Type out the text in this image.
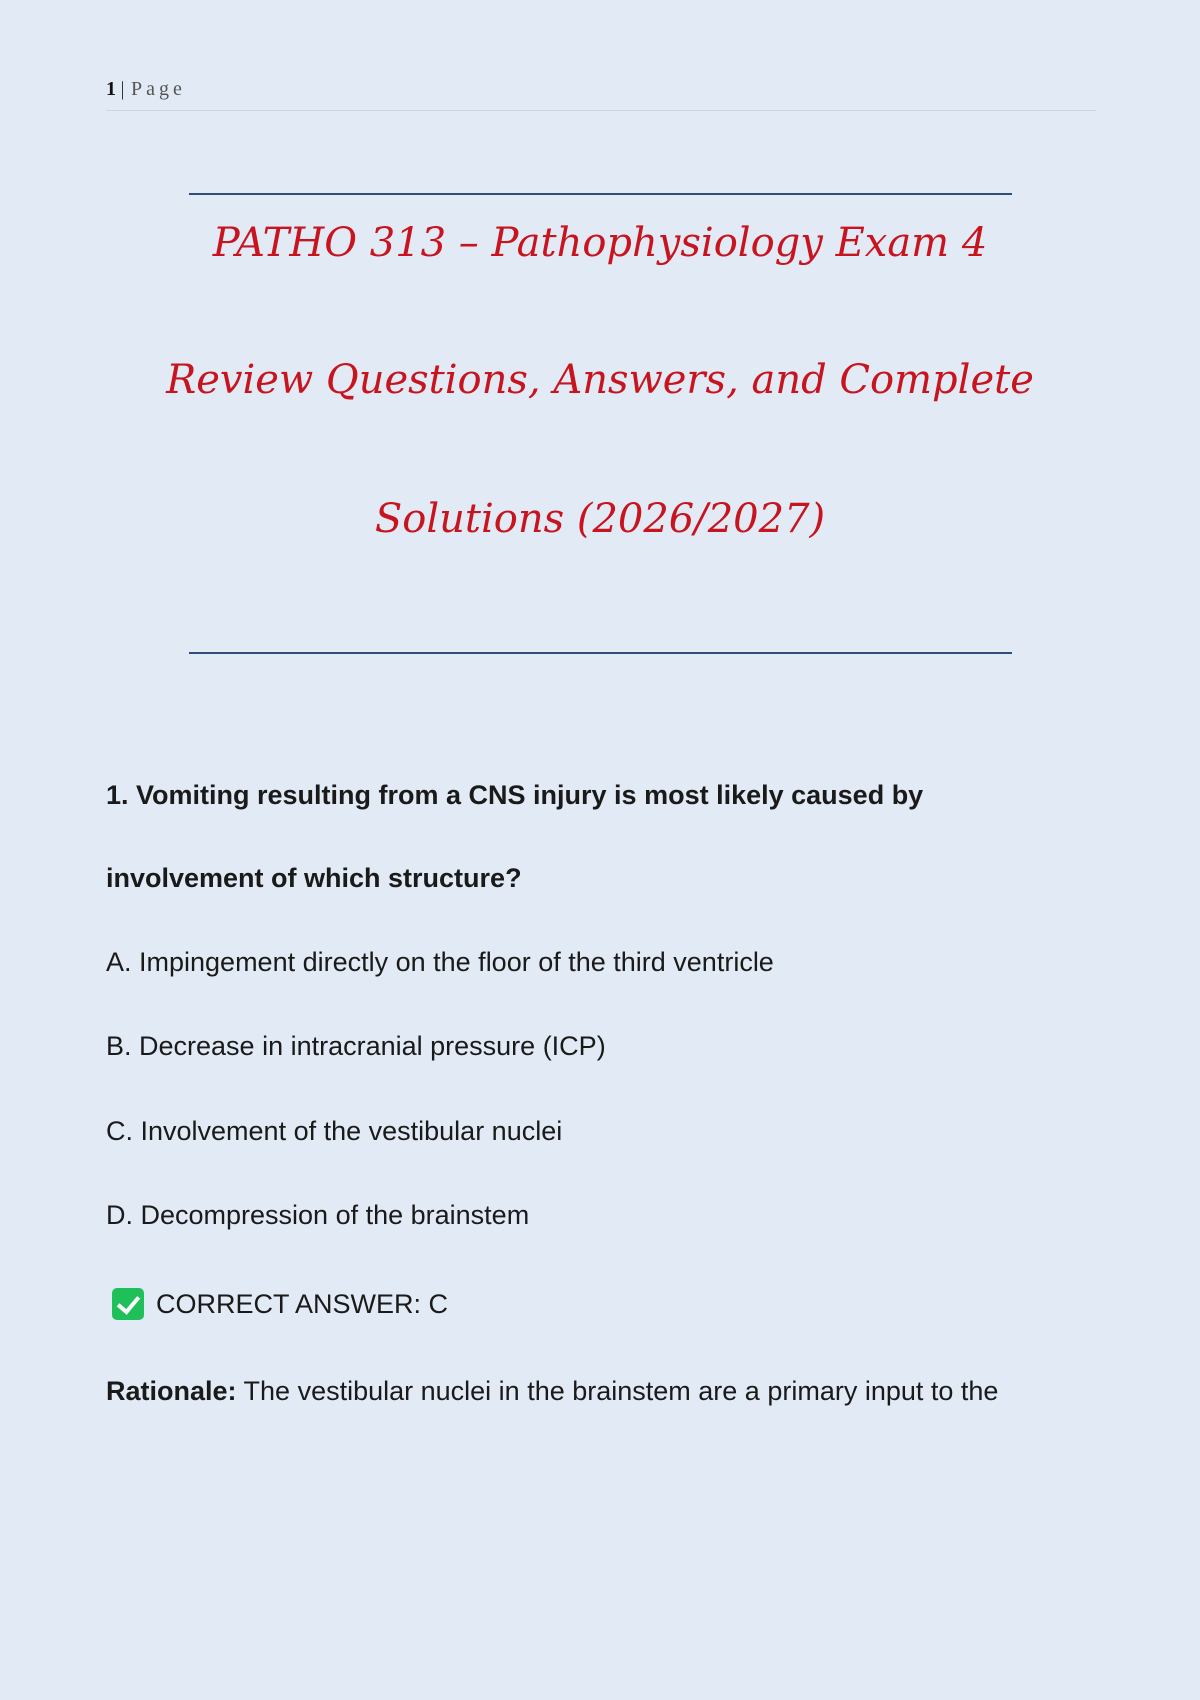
1 | Page
PATHO 313 – Pathophysiology Exam 4
Review Questions, Answers, and Complete
Solutions (2026/2027)
1. Vomiting resulting from a CNS injury is most likely caused by
involvement of which structure?
A. Impingement directly on the floor of the third ventricle
B. Decrease in intracranial pressure (ICP)
C. Involvement of the vestibular nuclei
D. Decompression of the brainstem
CORRECT ANSWER: C
Rationale: The vestibular nuclei in the brainstem are a primary input to the
